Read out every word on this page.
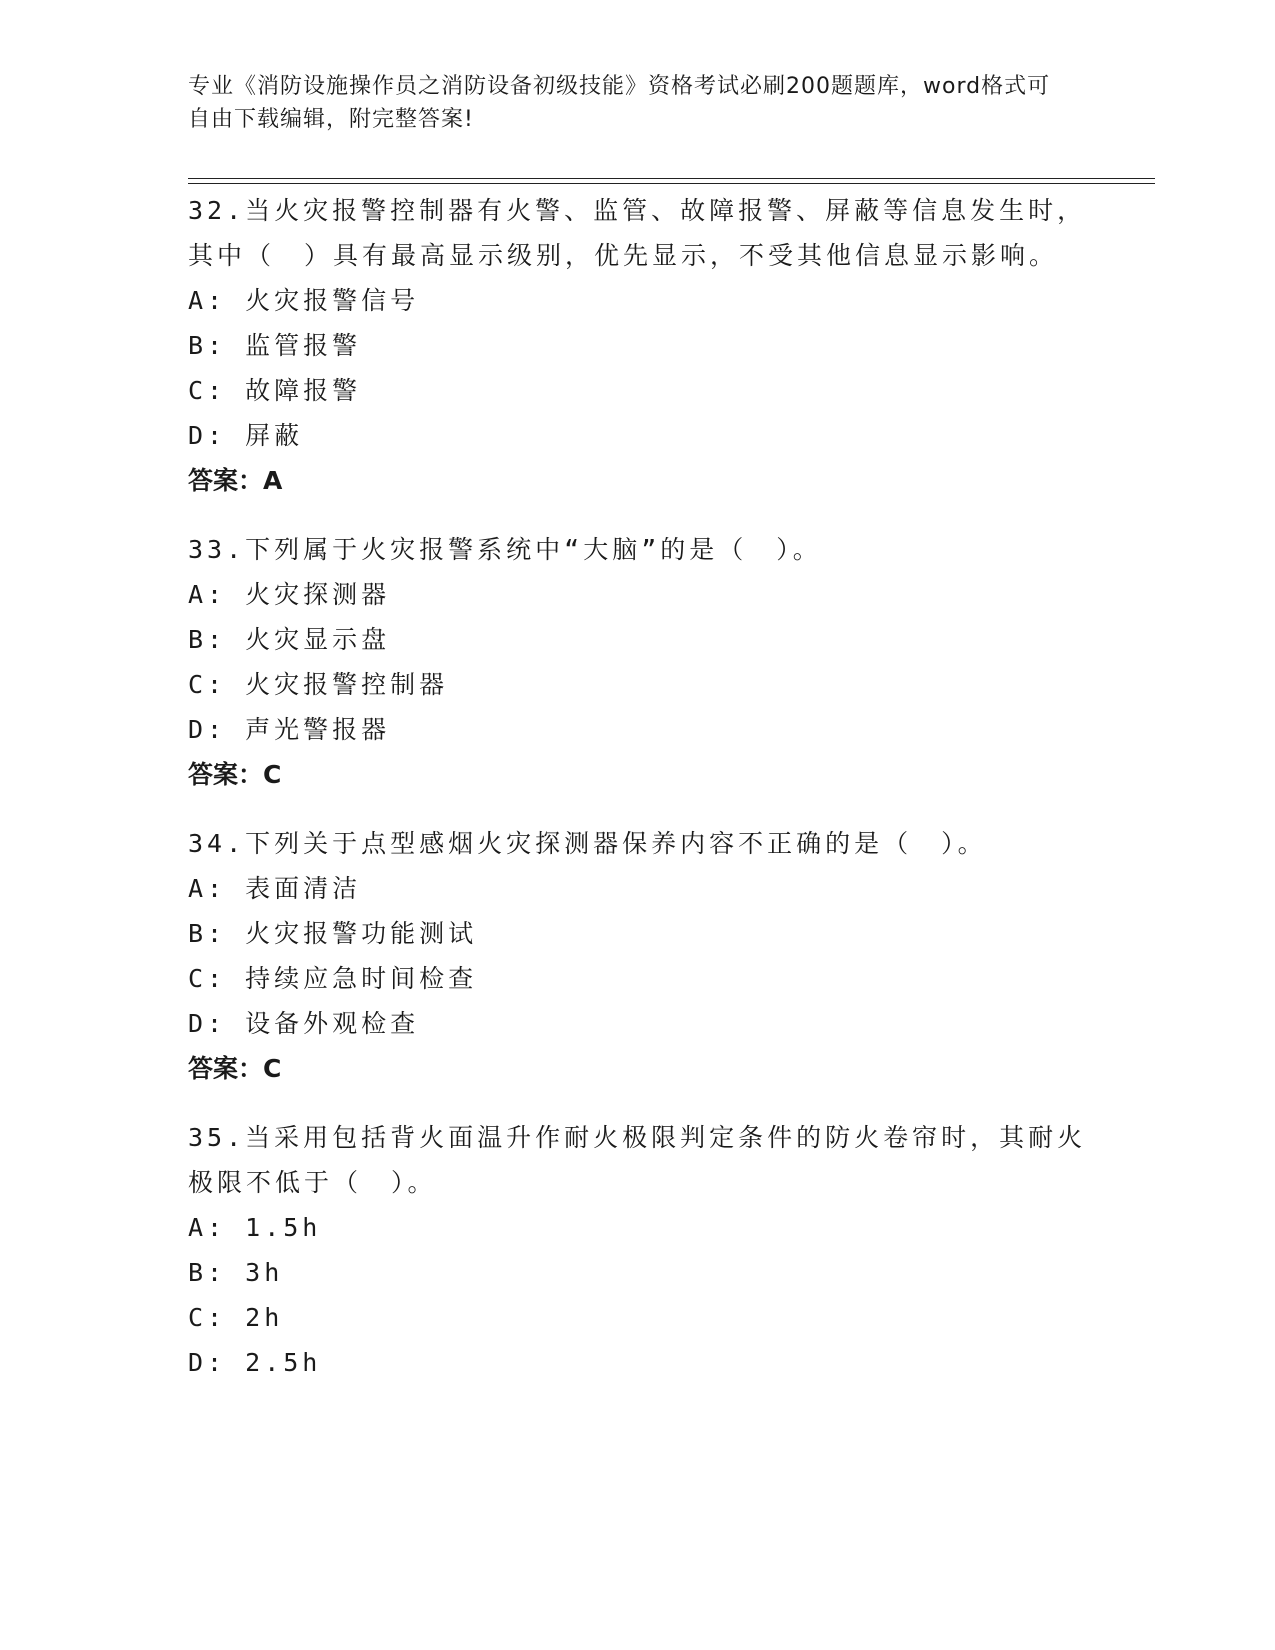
专业《消防设施操作员之消防设备初级技能》资格考试必刷200题题库，word格式可自由下载编辑，附完整答案!
32.当火灾报警控制器有火警、监管、故障报警、屏蔽等信息发生时，其中（　）具有最高显示级别，优先显示，不受其他信息显示影响。
A: 火灾报警信号
B: 监管报警
C: 故障报警
D: 屏蔽
答案：A
33.下列属于火灾报警系统中“大脑”的是（　）。
A: 火灾探测器
B: 火灾显示盘
C: 火灾报警控制器
D: 声光警报器
答案：C
34.下列关于点型感烟火灾探测器保养内容不正确的是（　）。
A: 表面清洁
B: 火灾报警功能测试
C: 持续应急时间检查
D: 设备外观检查
答案：C
35.当采用包括背火面温升作耐火极限判定条件的防火卷帘时，其耐火极限不低于（　）。
A: 1.5h
B: 3h
C: 2h
D: 2.5h
